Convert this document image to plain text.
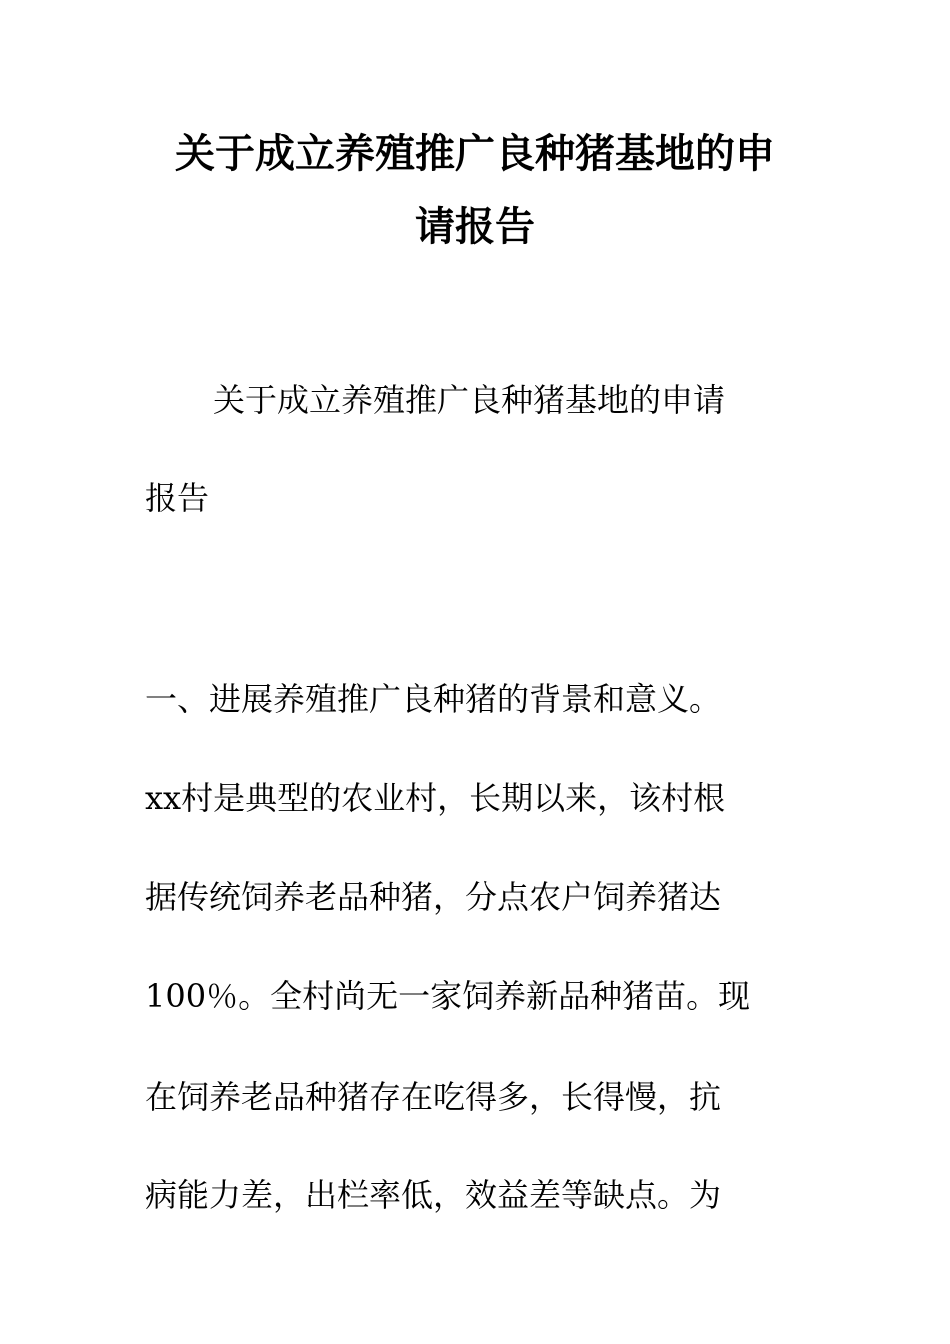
关于成立养殖推广良种猪基地的申
请报告
关于成立养殖推广良种猪基地的申请
报告
一、进展养殖推广良种猪的背景和意义。
xx村是典型的农业村，长期以来，该村根
据传统饲养老品种猪，分点农户饲养猪达
100％。全村尚无一家饲养新品种猪苗。现
在饲养老品种猪存在吃得多，长得慢，抗
病能力差，出栏率低，效益差等缺点。为
